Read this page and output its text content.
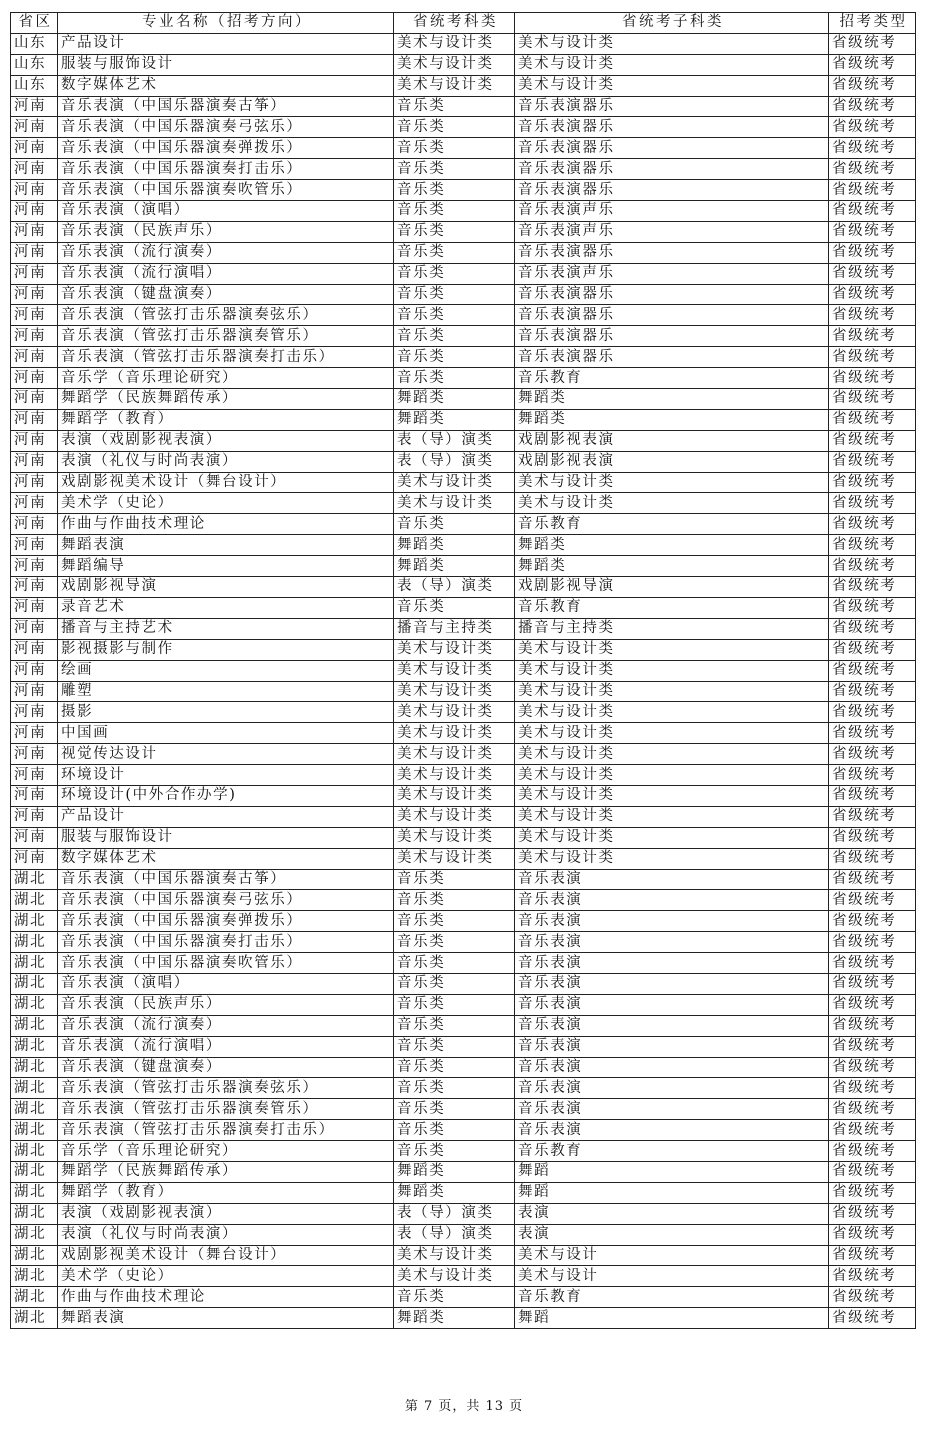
省区	专业名称（招考方向）	省统考科类	省统考子科类	招考类型
山东	产品设计	美术与设计类	美术与设计类	省级统考
山东	服装与服饰设计	美术与设计类	美术与设计类	省级统考
山东	数字媒体艺术	美术与设计类	美术与设计类	省级统考
河南	音乐表演（中国乐器演奏古筝）	音乐类	音乐表演器乐	省级统考
河南	音乐表演（中国乐器演奏弓弦乐）	音乐类	音乐表演器乐	省级统考
河南	音乐表演（中国乐器演奏弹拨乐）	音乐类	音乐表演器乐	省级统考
河南	音乐表演（中国乐器演奏打击乐）	音乐类	音乐表演器乐	省级统考
河南	音乐表演（中国乐器演奏吹管乐）	音乐类	音乐表演器乐	省级统考
河南	音乐表演（演唱）	音乐类	音乐表演声乐	省级统考
河南	音乐表演（民族声乐）	音乐类	音乐表演声乐	省级统考
河南	音乐表演（流行演奏）	音乐类	音乐表演器乐	省级统考
河南	音乐表演（流行演唱）	音乐类	音乐表演声乐	省级统考
河南	音乐表演（键盘演奏）	音乐类	音乐表演器乐	省级统考
河南	音乐表演（管弦打击乐器演奏弦乐）	音乐类	音乐表演器乐	省级统考
河南	音乐表演（管弦打击乐器演奏管乐）	音乐类	音乐表演器乐	省级统考
河南	音乐表演（管弦打击乐器演奏打击乐）	音乐类	音乐表演器乐	省级统考
河南	音乐学（音乐理论研究）	音乐类	音乐教育	省级统考
河南	舞蹈学（民族舞蹈传承）	舞蹈类	舞蹈类	省级统考
河南	舞蹈学（教育）	舞蹈类	舞蹈类	省级统考
河南	表演（戏剧影视表演）	表（导）演类	戏剧影视表演	省级统考
河南	表演（礼仪与时尚表演）	表（导）演类	戏剧影视表演	省级统考
河南	戏剧影视美术设计（舞台设计）	美术与设计类	美术与设计类	省级统考
河南	美术学（史论）	美术与设计类	美术与设计类	省级统考
河南	作曲与作曲技术理论	音乐类	音乐教育	省级统考
河南	舞蹈表演	舞蹈类	舞蹈类	省级统考
河南	舞蹈编导	舞蹈类	舞蹈类	省级统考
河南	戏剧影视导演	表（导）演类	戏剧影视导演	省级统考
河南	录音艺术	音乐类	音乐教育	省级统考
河南	播音与主持艺术	播音与主持类	播音与主持类	省级统考
河南	影视摄影与制作	美术与设计类	美术与设计类	省级统考
河南	绘画	美术与设计类	美术与设计类	省级统考
河南	雕塑	美术与设计类	美术与设计类	省级统考
河南	摄影	美术与设计类	美术与设计类	省级统考
河南	中国画	美术与设计类	美术与设计类	省级统考
河南	视觉传达设计	美术与设计类	美术与设计类	省级统考
河南	环境设计	美术与设计类	美术与设计类	省级统考
河南	环境设计(中外合作办学)	美术与设计类	美术与设计类	省级统考
河南	产品设计	美术与设计类	美术与设计类	省级统考
河南	服装与服饰设计	美术与设计类	美术与设计类	省级统考
河南	数字媒体艺术	美术与设计类	美术与设计类	省级统考
湖北	音乐表演（中国乐器演奏古筝）	音乐类	音乐表演	省级统考
湖北	音乐表演（中国乐器演奏弓弦乐）	音乐类	音乐表演	省级统考
湖北	音乐表演（中国乐器演奏弹拨乐）	音乐类	音乐表演	省级统考
湖北	音乐表演（中国乐器演奏打击乐）	音乐类	音乐表演	省级统考
湖北	音乐表演（中国乐器演奏吹管乐）	音乐类	音乐表演	省级统考
湖北	音乐表演（演唱）	音乐类	音乐表演	省级统考
湖北	音乐表演（民族声乐）	音乐类	音乐表演	省级统考
湖北	音乐表演（流行演奏）	音乐类	音乐表演	省级统考
湖北	音乐表演（流行演唱）	音乐类	音乐表演	省级统考
湖北	音乐表演（键盘演奏）	音乐类	音乐表演	省级统考
湖北	音乐表演（管弦打击乐器演奏弦乐）	音乐类	音乐表演	省级统考
湖北	音乐表演（管弦打击乐器演奏管乐）	音乐类	音乐表演	省级统考
湖北	音乐表演（管弦打击乐器演奏打击乐）	音乐类	音乐表演	省级统考
湖北	音乐学（音乐理论研究）	音乐类	音乐教育	省级统考
湖北	舞蹈学（民族舞蹈传承）	舞蹈类	舞蹈	省级统考
湖北	舞蹈学（教育）	舞蹈类	舞蹈	省级统考
湖北	表演（戏剧影视表演）	表（导）演类	表演	省级统考
湖北	表演（礼仪与时尚表演）	表（导）演类	表演	省级统考
湖北	戏剧影视美术设计（舞台设计）	美术与设计类	美术与设计	省级统考
湖北	美术学（史论）	美术与设计类	美术与设计	省级统考
湖北	作曲与作曲技术理论	音乐类	音乐教育	省级统考
湖北	舞蹈表演	舞蹈类	舞蹈	省级统考
第 7 页，共 13 页
